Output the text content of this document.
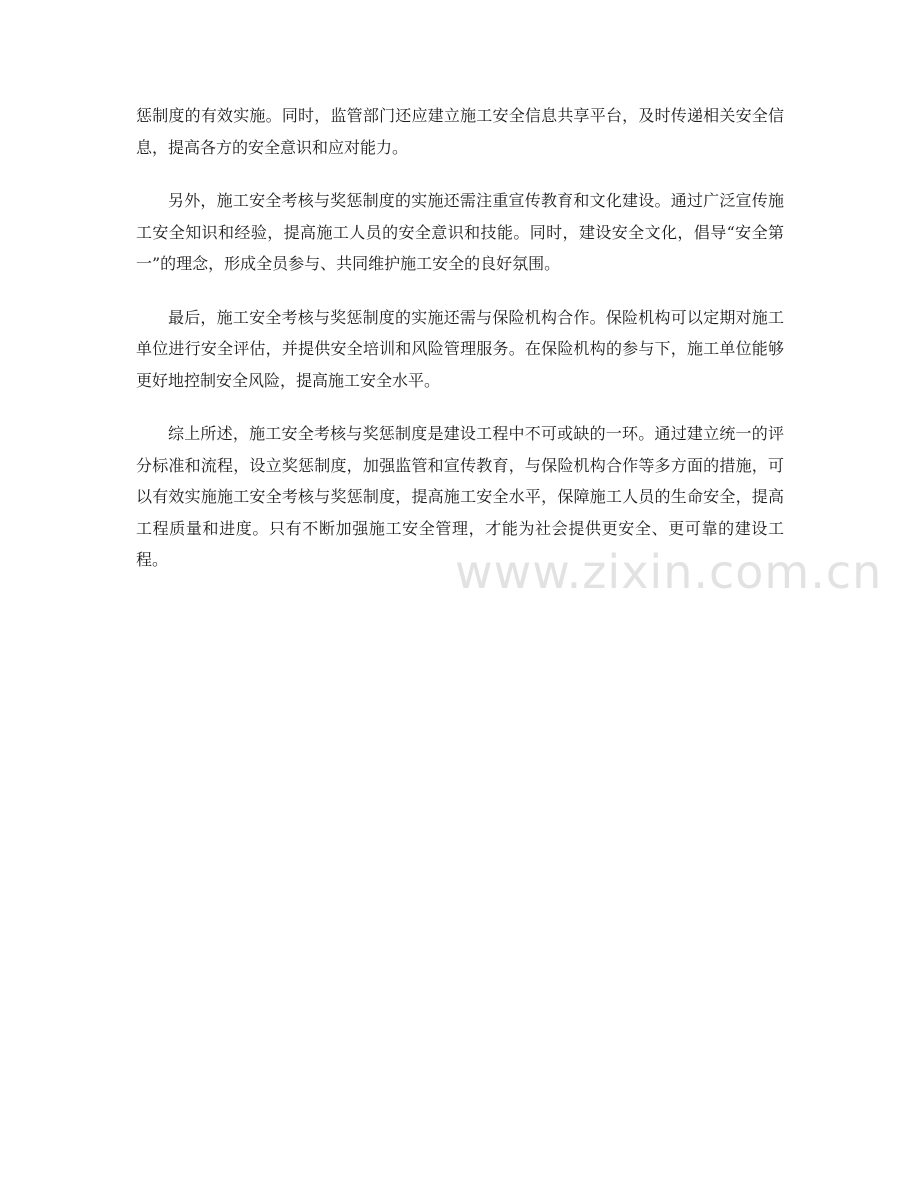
惩制度的有效实施。同时，监管部门还应建立施工安全信息共享平台，及时传递相关安全信息，提高各方的安全意识和应对能力。

另外，施工安全考核与奖惩制度的实施还需注重宣传教育和文化建设。通过广泛宣传施工安全知识和经验，提高施工人员的安全意识和技能。同时，建设安全文化，倡导“安全第一”的理念，形成全员参与、共同维护施工安全的良好氛围。

最后，施工安全考核与奖惩制度的实施还需与保险机构合作。保险机构可以定期对施工单位进行安全评估，并提供安全培训和风险管理服务。在保险机构的参与下，施工单位能够更好地控制安全风险，提高施工安全水平。

综上所述，施工安全考核与奖惩制度是建设工程中不可或缺的一环。通过建立统一的评分标准和流程，设立奖惩制度，加强监管和宣传教育，与保险机构合作等多方面的措施，可以有效实施施工安全考核与奖惩制度，提高施工安全水平，保障施工人员的生命安全，提高工程质量和进度。只有不断加强施工安全管理，才能为社会提供更安全、更可靠的建设工程。	www.zixin.com.cn
